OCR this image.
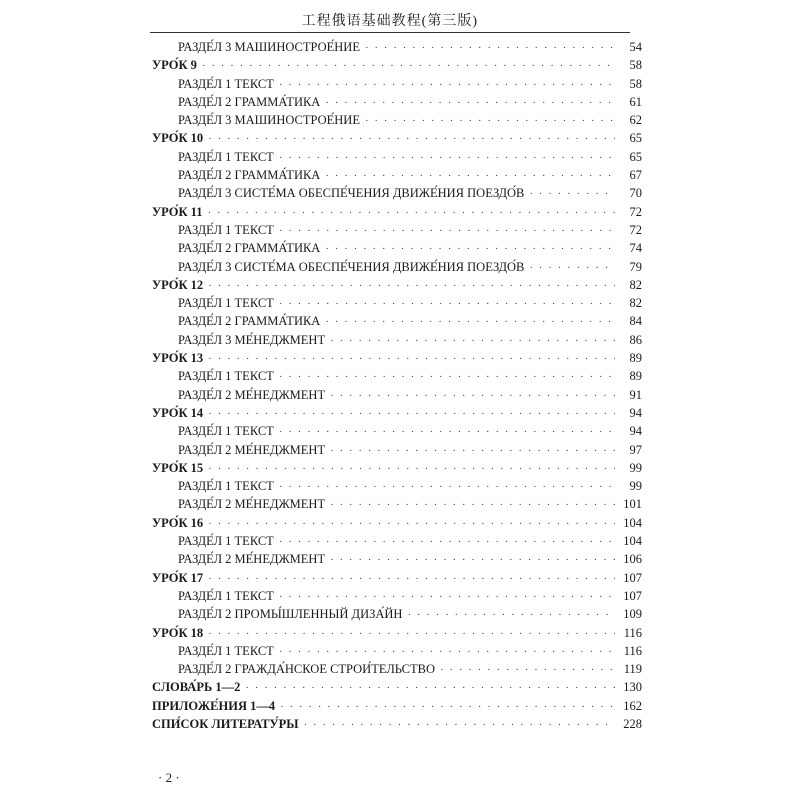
工程俄语基础教程(第三版)
РАЗДЕ́Л 3 МАШИНОСТРОЕ́НИЕ · · ·	54
УРО́К 9 · · ·	58
РАЗДЕ́Л 1 ТЕКСТ · · ·	58
РАЗДЕ́Л 2 ГРАММА́ТИКА · · ·	61
РАЗДЕ́Л 3 МАШИНОСТРОЕ́НИЕ · · ·	62
УРО́К 10 · · ·	65
РАЗДЕ́Л 1 ТЕКСТ · · ·	65
РАЗДЕ́Л 2 ГРАММА́ТИКА · · ·	67
РАЗДЕ́Л 3 СИСТЕ́МА ОБЕСПЕ́ЧЕНИЯ ДВИЖЕ́НИЯ ПОЕЗДО́В · · ·	70
УРО́К 11 · · ·	72
РАЗДЕ́Л 1 ТЕКСТ · · ·	72
РАЗДЕ́Л 2 ГРАММА́ТИКА · · ·	74
РАЗДЕ́Л 3 СИСТЕ́МА ОБЕСПЕ́ЧЕНИЯ ДВИЖЕ́НИЯ ПОЕЗДО́В · · ·	79
УРО́К 12 · · ·	82
РАЗДЕ́Л 1 ТЕКСТ · · ·	82
РАЗДЕ́Л 2 ГРАММА́ТИКА · · ·	84
РАЗДЕ́Л 3 МЕ́НЕДЖМЕНТ · · ·	86
УРО́К 13 · · ·	89
РАЗДЕ́Л 1 ТЕКСТ · · ·	89
РАЗДЕ́Л 2 МЕ́НЕДЖМЕНТ · · ·	91
УРО́К 14 · · ·	94
РАЗДЕ́Л 1 ТЕКСТ · · ·	94
РАЗДЕ́Л 2 МЕ́НЕДЖМЕНТ · · ·	97
УРО́К 15 · · ·	99
РАЗДЕ́Л 1 ТЕКСТ · · ·	99
РАЗДЕ́Л 2 МЕ́НЕДЖМЕНТ · · ·	101
УРО́К 16 · · ·	104
РАЗДЕ́Л 1 ТЕКСТ · · ·	104
РАЗДЕ́Л 2 МЕ́НЕДЖМЕНТ · · ·	106
УРО́К 17 · · ·	107
РАЗДЕ́Л 1 ТЕКСТ · · ·	107
РАЗДЕ́Л 2 ПРОМЫ́ШЛЕННЫЙ ДИЗА́ЙН · · ·	109
УРО́К 18 · · ·	116
РАЗДЕ́Л 1 ТЕКСТ · · ·	116
РАЗДЕ́Л 2 ГРАЖДА́НСКОЕ СТРОИ́ТЕЛЬСТВО · · ·	119
СЛОВА́РЬ 1—2 · · ·	130
ПРИЛОЖЕ́НИЯ 1—4 · · ·	162
СПИ́СОК ЛИТЕРАТУ́РЫ · · ·	228
· 2 ·
